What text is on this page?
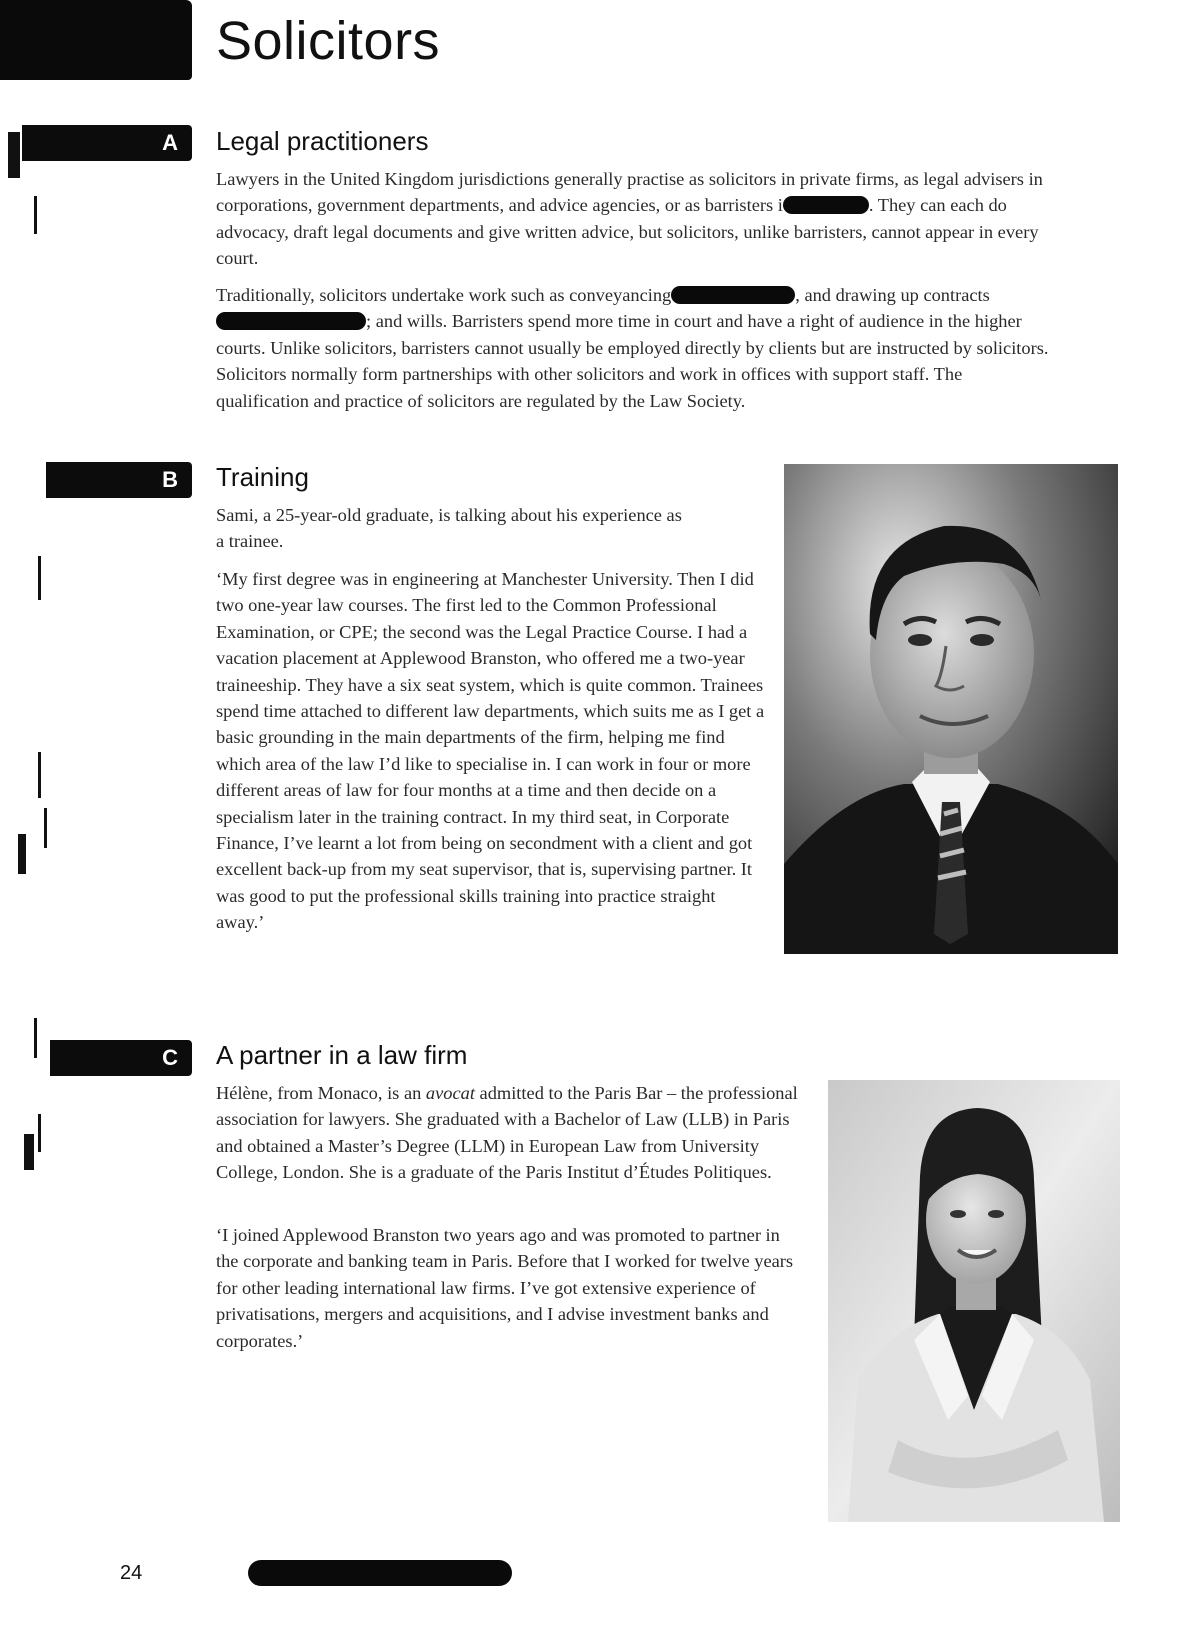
Solicitors
A	Legal practitioners

Lawyers in the United Kingdom jurisdictions generally practise as solicitors in private firms, as legal advisers in corporations, government departments, and advice agencies, or as barristers i	. They can each do advocacy, draft legal documents and give written advice, but solicitors, unlike barristers, cannot appear in every court.

Traditionally, solicitors undertake work such as conveyancing	, and drawing up contracts ; and wills. Barristers spend more time in court and have a right of audience in the higher courts. Unlike solicitors, barristers cannot usually be employed directly by clients but are instructed by solicitors. Solicitors normally form partnerships with other solicitors and work in offices with support staff. The qualification and practice of solicitors are regulated by the Law Society.

B	Training

Sami, a 25-year-old graduate, is talking about his experience as a trainee.

‘My first degree was in engineering at Manchester University. Then I did two one-year law courses. The first led to the Common Professional Examination, or CPE; the second was the Legal Practice Course. I had a vacation placement at Applewood Branston, who offered me a two-year traineeship. They have a six seat system, which is quite common. Trainees spend time attached to different law departments, which suits me as I get a basic grounding in the main departments of the firm, helping me find which area of the law I’d like to specialise in. I can work in four or more different areas of law for four months at a time and then decide on a specialism later in the training contract. In my third seat, in Corporate Finance, I’ve learnt a lot from being on secondment with a client and got excellent back-up from my seat supervisor, that is, supervising partner. It was good to put the professional skills training into practice straight away.’

C	A partner in a law firm

Hélène, from Monaco, is an avocat admitted to the Paris Bar – the professional association for lawyers. She graduated with a Bachelor of Law (LLB) in Paris and obtained a Master’s Degree (LLM) in European Law from University College, London. She is a graduate of the Paris Institut d’Études Politiques.

‘I joined Applewood Branston two years ago and was promoted to partner in the corporate and banking team in Paris. Before that I worked for twelve years for other leading international law firms. I’ve got extensive experience of privatisations, mergers and acquisitions, and I advise investment banks and corporates.’

24
